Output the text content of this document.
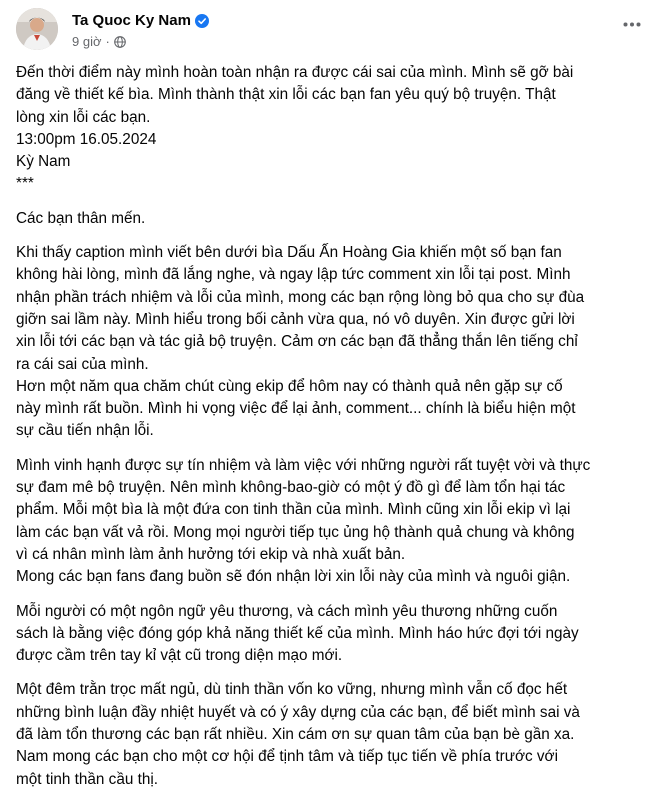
Ta Quoc Ky Nam
9 giờ ·
Đến thời điểm này mình hoàn toàn nhận ra được cái sai của mình. Mình sẽ gỡ bài
đăng về thiết kế bìa. Mình thành thật xin lỗi các bạn fan yêu quý bộ truyện. Thật
lòng xin lỗi các bạn.
13:00pm 16.05.2024
Kỳ Nam
***
Các bạn thân mến.
Khi thấy caption mình viết bên dưới bìa Dấu Ấn Hoàng Gia khiến một số bạn fan
không hài lòng, mình đã lắng nghe, và ngay lập tức comment xin lỗi tại post. Mình
nhận phần trách nhiệm và lỗi của mình, mong các bạn rộng lòng bỏ qua cho sự đùa
giỡn sai lầm này. Mình hiểu trong bối cảnh vừa qua, nó vô duyên. Xin được gửi lời
xin lỗi tới các bạn và tác giả bộ truyện. Cảm ơn các bạn đã thẳng thắn lên tiếng chỉ
ra cái sai của mình.
Hơn một năm qua chăm chút cùng ekip để hôm nay có thành quả nên gặp sự cố
này mình rất buồn. Mình hi vọng việc để lại ảnh, comment... chính là biểu hiện một
sự cầu tiến nhận lỗi.
Mình vinh hạnh được sự tín nhiệm và làm việc với những người rất tuyệt vời và thực
sự đam mê bộ truyện. Nên mình không-bao-giờ có một ý đồ gì để làm tổn hại tác
phẩm. Mỗi một bìa là một đứa con tinh thần của mình. Mình cũng xin lỗi ekip vì lại
làm các bạn vất vả rồi. Mong mọi người tiếp tục ủng hộ thành quả chung và không
vì cá nhân mình làm ảnh hưởng tới ekip và nhà xuất bản.
Mong các bạn fans đang buồn sẽ đón nhận lời xin lỗi này của mình và nguôi giận.
Mỗi người có một ngôn ngữ yêu thương, và cách mình yêu thương những cuốn
sách là bằng việc đóng góp khả năng thiết kế của mình. Mình háo hức đợi tới ngày
được cầm trên tay kỉ vật cũ trong diện mạo mới.
Một đêm trằn trọc mất ngủ, dù tinh thần vốn ko vững, nhưng mình vẫn cố đọc hết
những bình luận đầy nhiệt huyết và có ý xây dựng của các bạn, để biết mình sai và
đã làm tổn thương các bạn rất nhiều. Xin cám ơn sự quan tâm của bạn bè gần xa.
Nam mong các bạn cho một cơ hội để tịnh tâm và tiếp tục tiến về phía trước với
một tinh thần cầu thị.
